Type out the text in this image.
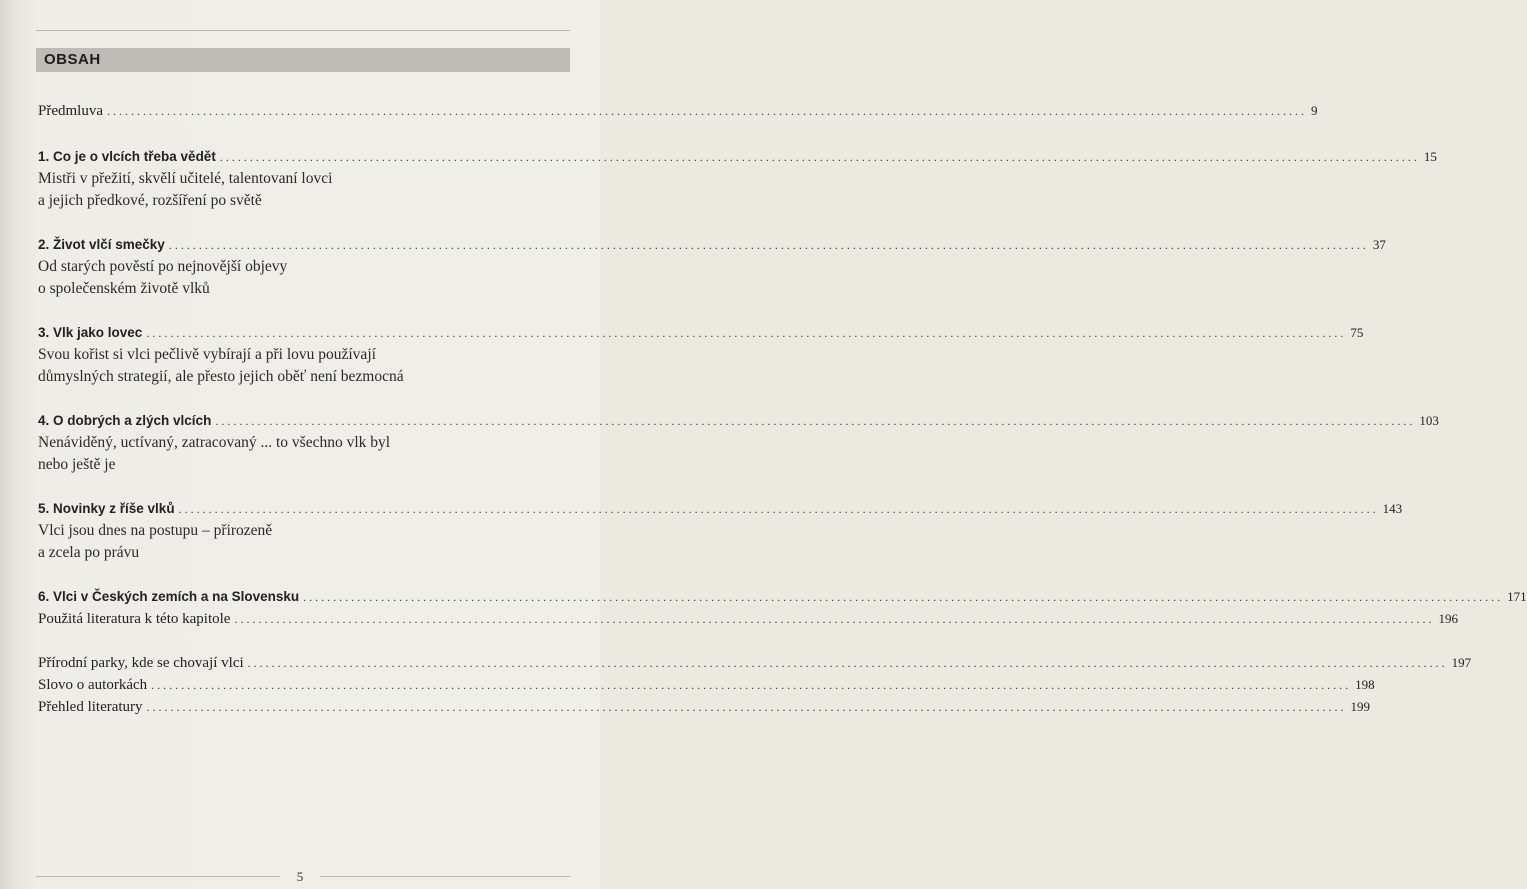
OBSAH
Předmluva ........................................................................................................................................................................................................ 9
1. Co je o vlcích třeba vědět ........................................................................................................................................................................................................ 15
Mistři v přežití, skvělí učitelé, talentovaní lovci
a jejich předkové, rozšíření po světě
2. Život vlčí smečky ........................................................................................................................................................................................................ 37
Od starých pověstí po nejnovější objevy
o společenském životě vlků
3. Vlk jako lovec ........................................................................................................................................................................................................ 75
Svou kořist si vlci pečlivě vybírají a při lovu používají
důmyslných strategií, ale přesto jejich oběť není bezmocná
4. O dobrých a zlých vlcích ........................................................................................................................................................................................................ 103
Nenáviděný, uctívaný, zatracovaný ... to všechno vlk byl
nebo ještě je
5. Novinky z říše vlků ........................................................................................................................................................................................................ 143
Vlci jsou dnes na postupu – přirozeně
a zcela po právu
6. Vlci v Českých zemích a na Slovensku ........................................................................................................................................................................................................ 171
Použitá literatura k této kapitole ........................................................................................................................................................................................................ 196
Přírodní parky, kde se chovají vlci ........................................................................................................................................................................................................ 197
Slovo o autorkách ........................................................................................................................................................................................................ 198
Přehled literatury ........................................................................................................................................................................................................ 199
5
